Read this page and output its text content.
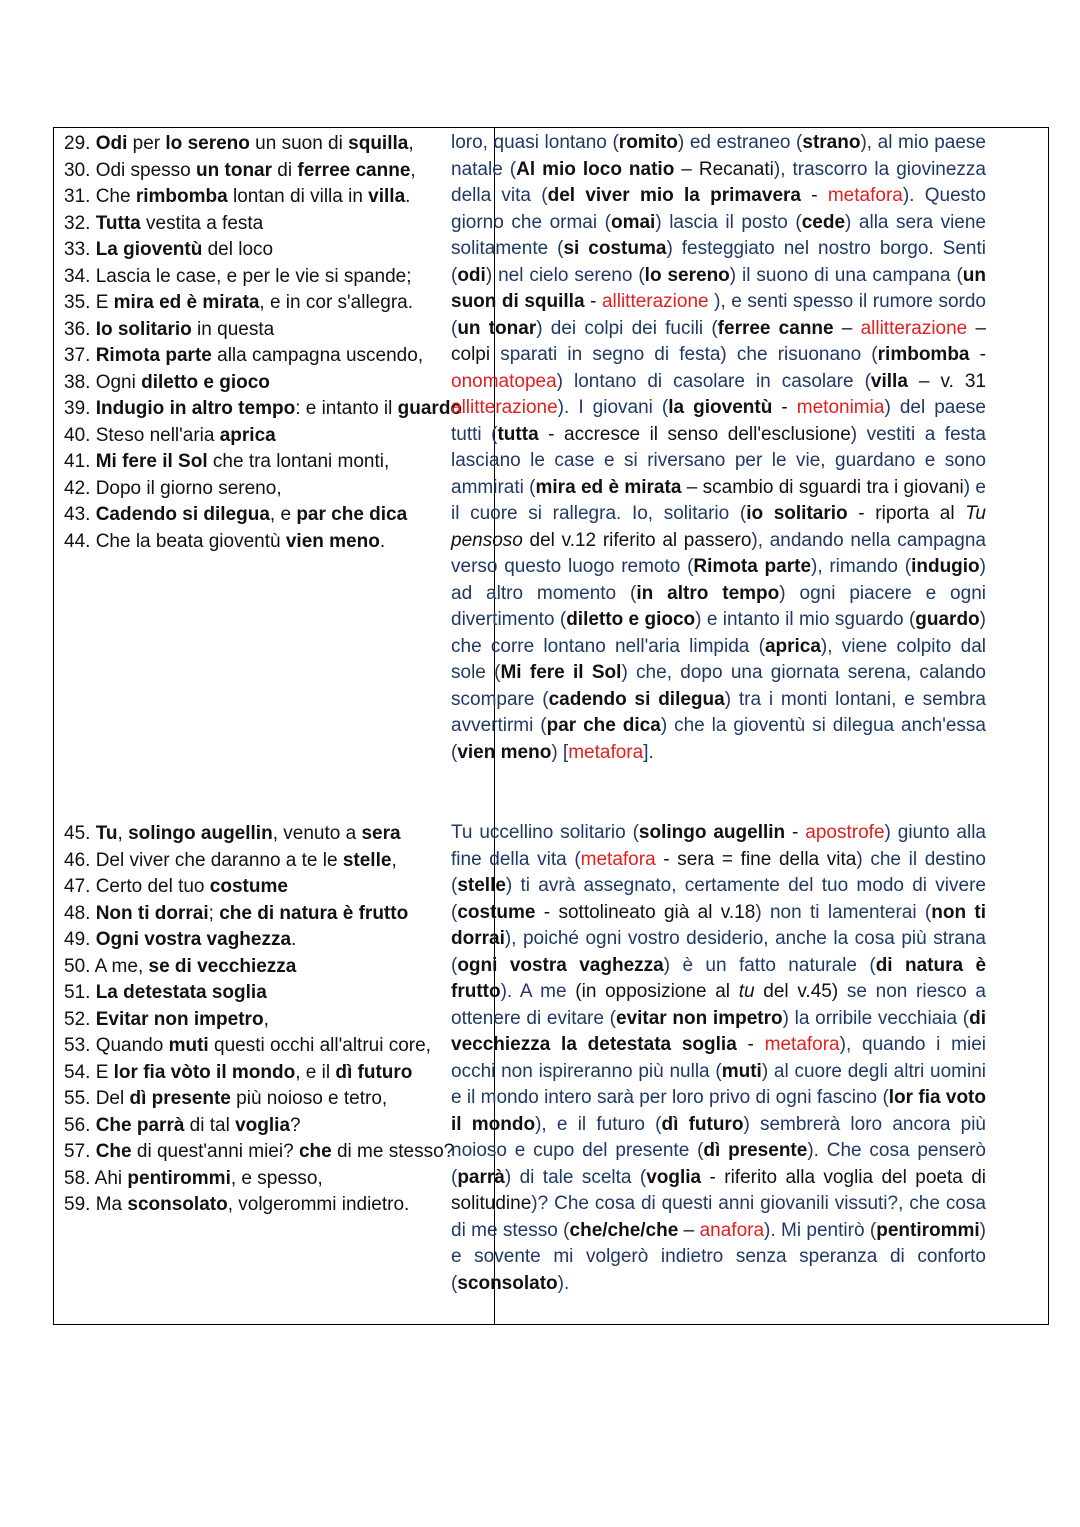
29. Odi per lo sereno un suon di squilla,
30. Odi spesso un tonar di ferree canne,
31. Che rimbomba lontan di villa in villa.
32. Tutta vestita a festa
33. La gioventù del loco
34. Lascia le case, e per le vie si spande;
35. E mira ed è mirata, e in cor s'allegra.
36. Io solitario in questa
37. Rimota parte alla campagna uscendo,
38. Ogni diletto e gioco
39. Indugio in altro tempo: e intanto il guardo
40. Steso nell'aria aprica
41. Mi fere il Sol che tra lontani monti,
42. Dopo il giorno sereno,
43. Cadendo si dilegua, e par che dica
44. Che la beata gioventù vien meno.
45. Tu, solingo augellin, venuto a sera
46. Del viver che daranno a te le stelle,
47. Certo del tuo costume
48. Non ti dorrai; che di natura è frutto
49. Ogni vostra vaghezza.
50. A me, se di vecchiezza
51. La detestata soglia
52. Evitar non impetro,
53. Quando muti questi occhi all'altrui core,
54. E lor fia vòto il mondo, e il dì futuro
55. Del dì presente più noioso e tetro,
56. Che parrà di tal voglia?
57. Che di quest'anni miei? che di me stesso?
58. Ahi pentirommi, e spesso,
59. Ma sconsolato, volgerommi indietro.
loro, quasi lontano (romito) ed estraneo (strano), al mio paese natale (Al mio loco natio – Recanati), trascorro la giovinezza della vita (del viver mio la primavera - metafora). Questo giorno che ormai (omai) lascia il posto (cede) alla sera viene solitamente (si costuma) festeggiato nel nostro borgo. Senti (odi) nel cielo sereno (lo sereno) il suono di una campana (un suon di squilla - allitterazione ), e senti spesso il rumore sordo (un tonar) dei colpi dei fucili (ferree canne – allitterazione – colpi sparati in segno di festa) che risuonano (rimbomba - onomatopea) lontano di casolare in casolare (villa – v. 31 allitterazione). I giovani (la gioventù - metonimia) del paese tutti (tutta - accresce il senso dell'esclusione) vestiti a festa lasciano le case e si riversano per le vie, guardano e sono ammirati (mira ed è mirata – scambio di sguardi tra i giovani) e il cuore si rallegra. Io, solitario (io solitario - riporta al Tu pensoso del v.12 riferito al passero), andando nella campagna verso questo luogo remoto (Rimota parte), rimando (indugio) ad altro momento (in altro tempo) ogni piacere e ogni divertimento (diletto e gioco) e intanto il mio sguardo (guardo) che corre lontano nell'aria limpida (aprica), viene colpito dal sole (Mi fere il Sol) che, dopo una giornata serena, calando scompare (cadendo si dilegua) tra i monti lontani, e sembra avvertirmi (par che dica) che la gioventù si dilegua anch'essa (vien meno) [metafora].
Tu uccellino solitario (solingo augellin - apostrofe) giunto alla fine della vita (metafora - sera = fine della vita) che il destino (stelle) ti avrà assegnato, certamente del tuo modo di vivere (costume - sottolineato già al v.18) non ti lamenterai (non ti dorrai), poiché ogni vostro desiderio, anche la cosa più strana (ogni vostra vaghezza) è un fatto naturale (di natura è frutto). A me (in opposizione al tu del v.45) se non riesco a ottenere di evitare (evitar non impetro) la orribile vecchiaia (di vecchiezza la detestata soglia - metafora), quando i miei occhi non ispireranno più nulla (muti) al cuore degli altri uomini e il mondo intero sarà per loro privo di ogni fascino (lor fia voto il mondo), e il futuro (dì futuro) sembrerà loro ancora più noioso e cupo del presente (dì presente). Che cosa penserò (parrà) di tale scelta (voglia - riferito alla voglia del poeta di solitudine)? Che cosa di questi anni giovanili vissuti?, che cosa di me stesso (che/che/che – anafora). Mi pentirò (pentirommi) e sovente mi volgerò indietro senza speranza di conforto (sconsolato).
